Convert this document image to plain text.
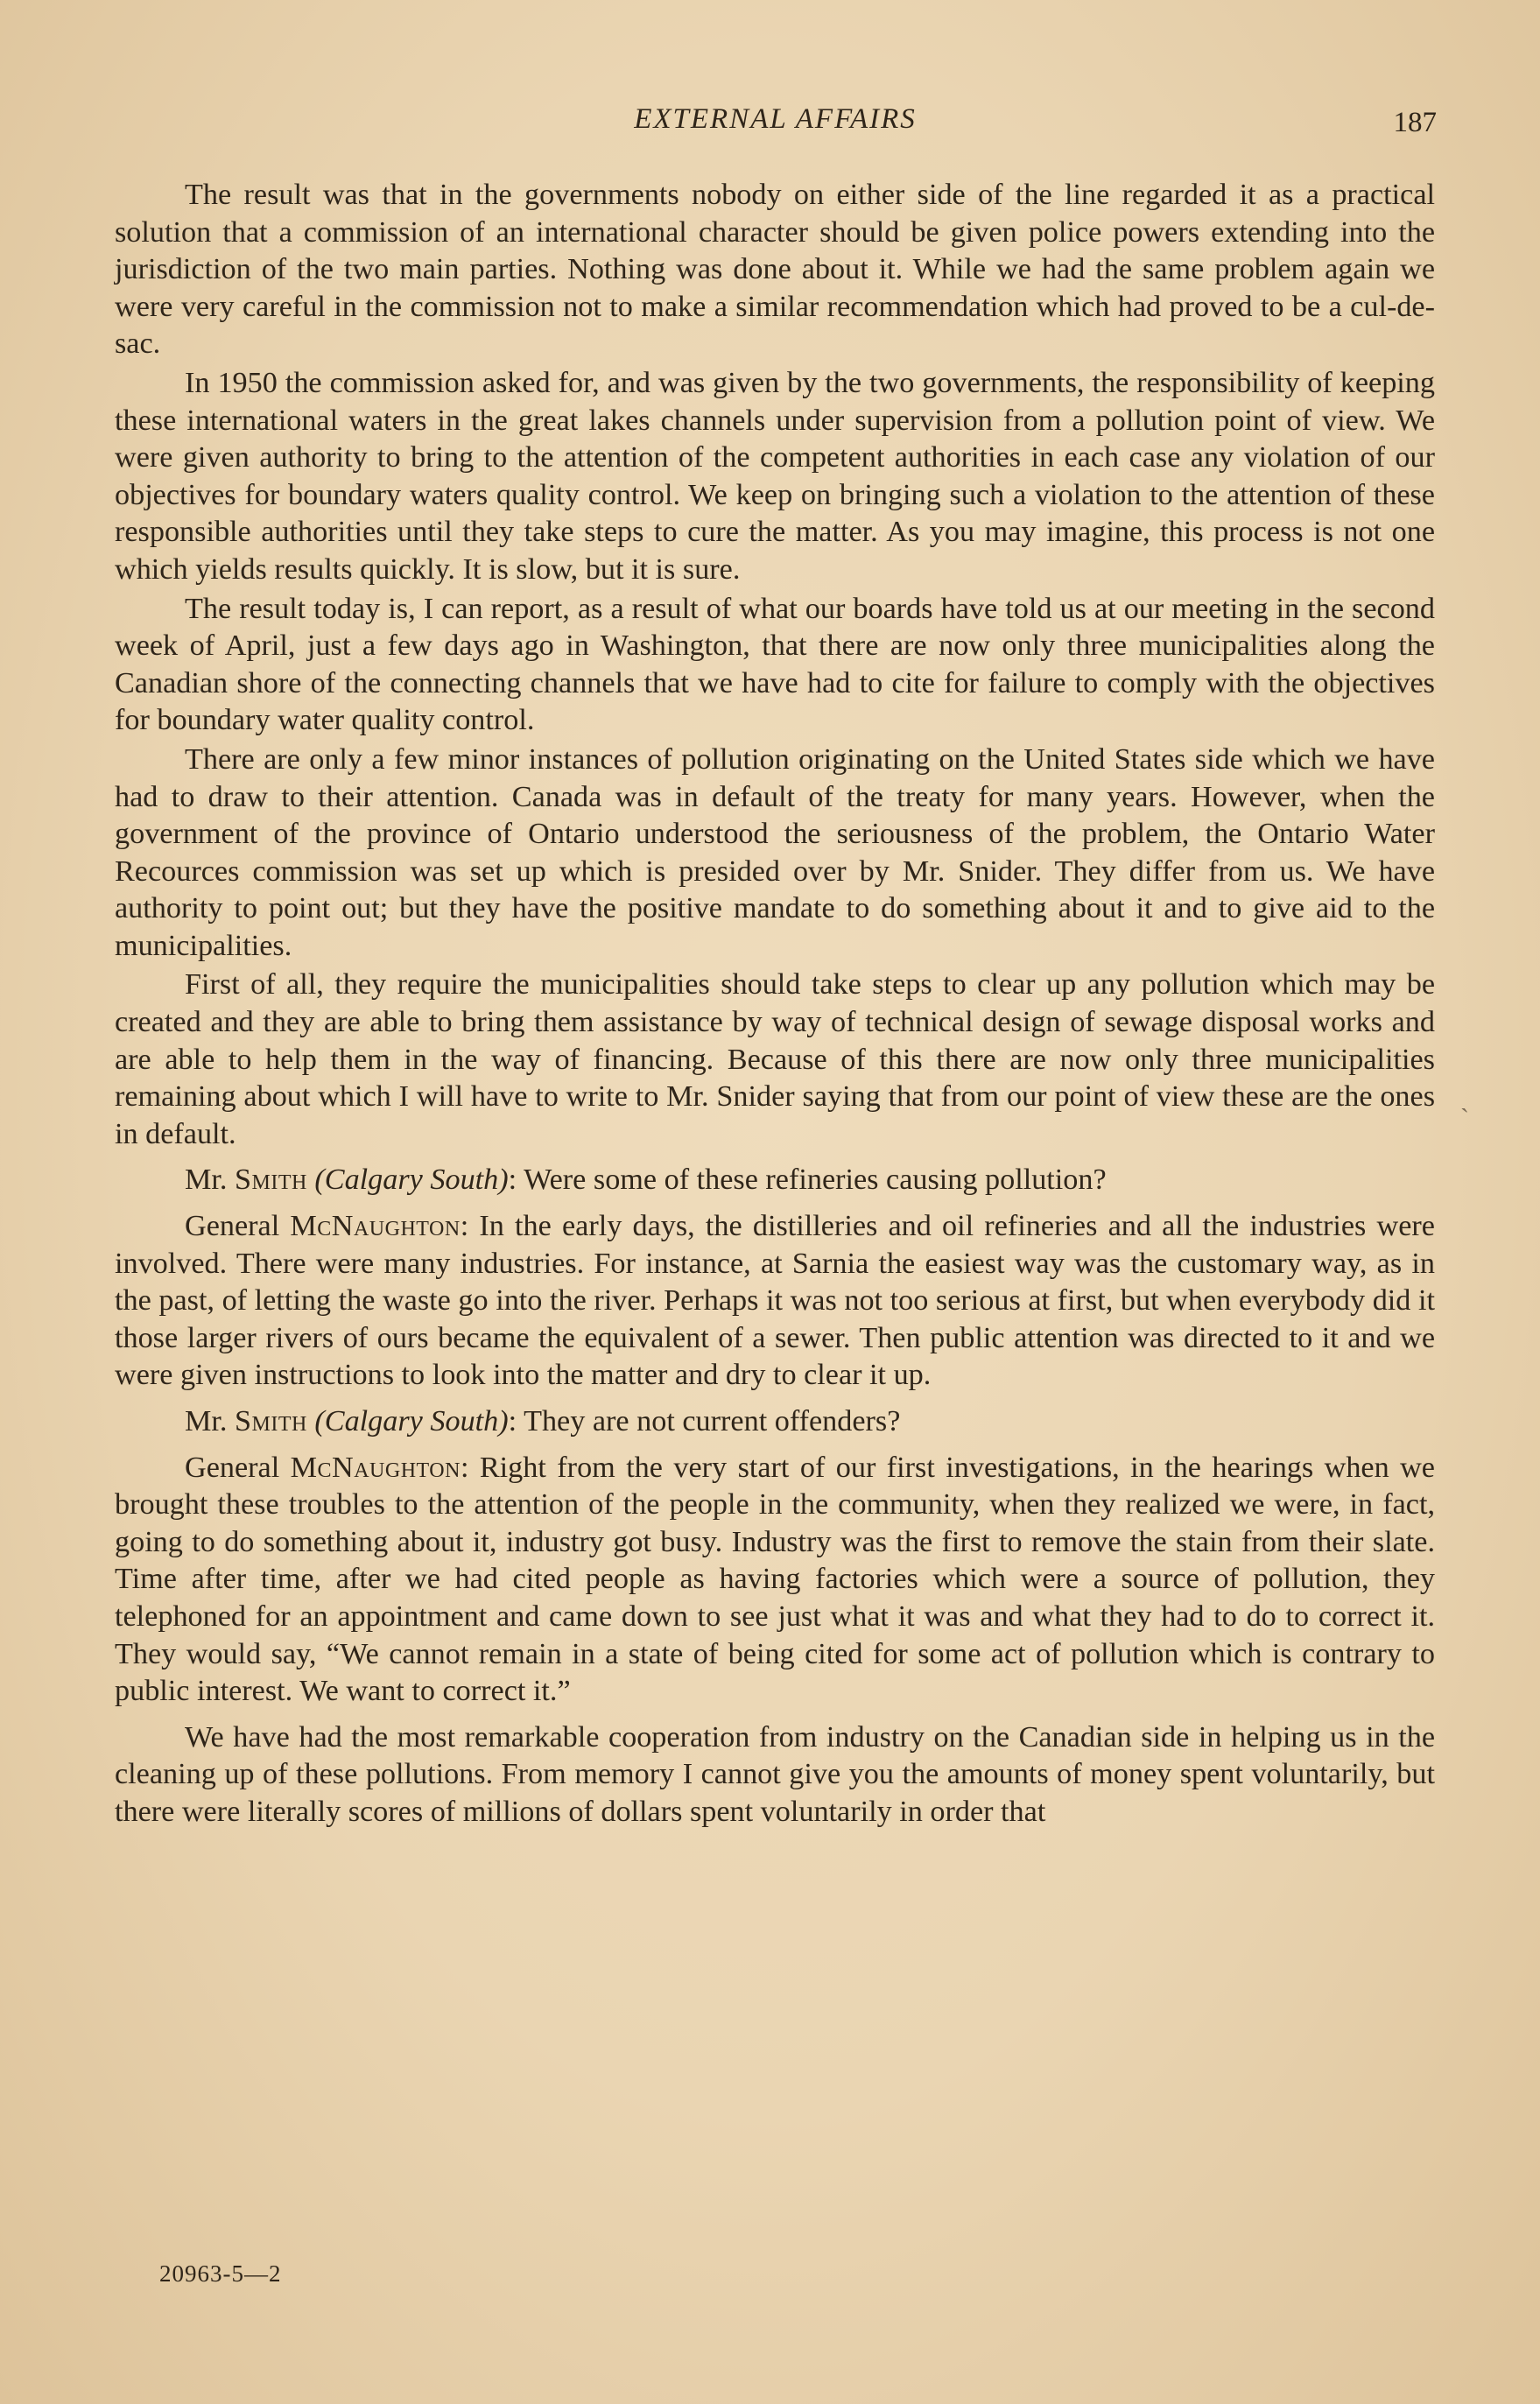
EXTERNAL AFFAIRS	187

The result was that in the governments nobody on either side of the line regarded it as a practical solution that a commission of an international character should be given police powers extending into the jurisdiction of the two main parties. Nothing was done about it. While we had the same problem again we were very careful in the commission not to make a similar recommendation which had proved to be a cul-de-sac.

In 1950 the commission asked for, and was given by the two governments, the responsibility of keeping these international waters in the great lakes channels under supervision from a pollution point of view. We were given authority to bring to the attention of the competent authorities in each case any violation of our objectives for boundary waters quality control. We keep on bringing such a violation to the attention of these responsible authorities until they take steps to cure the matter. As you may imagine, this process is not one which yields results quickly. It is slow, but it is sure.

The result today is, I can report, as a result of what our boards have told us at our meeting in the second week of April, just a few days ago in Washington, that there are now only three municipalities along the Canadian shore of the connecting channels that we have had to cite for failure to comply with the objectives for boundary water quality control.

There are only a few minor instances of pollution originating on the United States side which we have had to draw to their attention. Canada was in default of the treaty for many years. However, when the government of the province of Ontario understood the seriousness of the problem, the Ontario Water Recources commission was set up which is presided over by Mr. Snider. They differ from us. We have authority to point out; but they have the positive mandate to do something about it and to give aid to the municipalities.

First of all, they require the municipalities should take steps to clear up any pollution which may be created and they are able to bring them assistance by way of technical design of sewage disposal works and are able to help them in the way of financing. Because of this there are now only three municipalities remaining about which I will have to write to Mr. Snider saying that from our point of view these are the ones in default.

Mr. Smith (Calgary South): Were some of these refineries causing pollution?

General McNaughton: In the early days, the distilleries and oil refineries and all the industries were involved. There were many industries. For instance, at Sarnia the easiest way was the customary way, as in the past, of letting the waste go into the river. Perhaps it was not too serious at first, but when everybody did it those larger rivers of ours became the equivalent of a sewer. Then public attention was directed to it and we were given instructions to look into the matter and dry to clear it up.

Mr. Smith (Calgary South): They are not current offenders?

General McNaughton: Right from the very start of our first investigations, in the hearings when we brought these troubles to the attention of the people in the community, when they realized we were, in fact, going to do something about it, industry got busy. Industry was the first to remove the stain from their slate. Time after time, after we had cited people as having factories which were a source of pollution, they telephoned for an appointment and came down to see just what it was and what they had to do to correct it. They would say, “We cannot remain in a state of being cited for some act of pollution which is contrary to public interest. We want to correct it.”

We have had the most remarkable cooperation from industry on the Canadian side in helping us in the cleaning up of these pollutions. From memory I cannot give you the amounts of money spent voluntarily, but there were literally scores of millions of dollars spent voluntarily in order that

20963-5—2
ˎ
